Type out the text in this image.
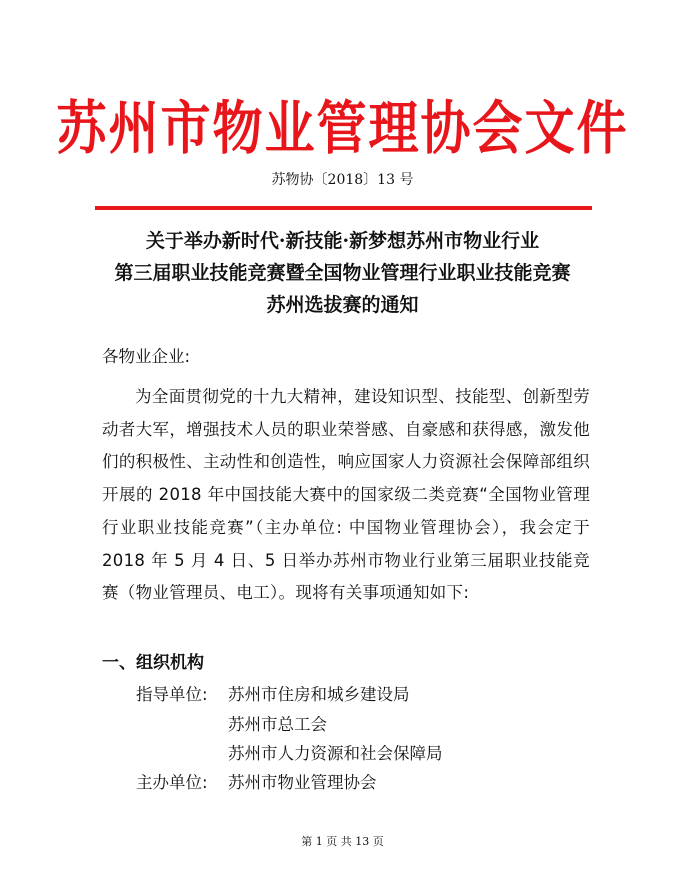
苏州市物业管理协会文件
苏物协〔2018〕13 号
关于举办新时代·新技能·新梦想苏州市物业行业
第三届职业技能竞赛暨全国物业管理行业职业技能竞赛
苏州选拔赛的通知
各物业企业:

为全面贯彻党的十九大精神，建设知识型、技能型、创新型劳动者大军，增强技术人员的职业荣誉感、自豪感和获得感，激发他们的积极性、主动性和创造性，响应国家人力资源社会保障部组织开展的 2018 年中国技能大赛中的国家级二类竞赛“全国物业管理行业职业技能竞赛”（主办单位: 中国物业管理协会），我会定于 2018 年 5 月 4 日、5 日举办苏州市物业行业第三届职业技能竞赛（物业管理员、电工）。现将有关事项通知如下:

一、组织机构
指导单位: 苏州市住房和城乡建设局
苏州市总工会
苏州市人力资源和社会保障局
主办单位: 苏州市物业管理协会
第 1 页 共 13 页
